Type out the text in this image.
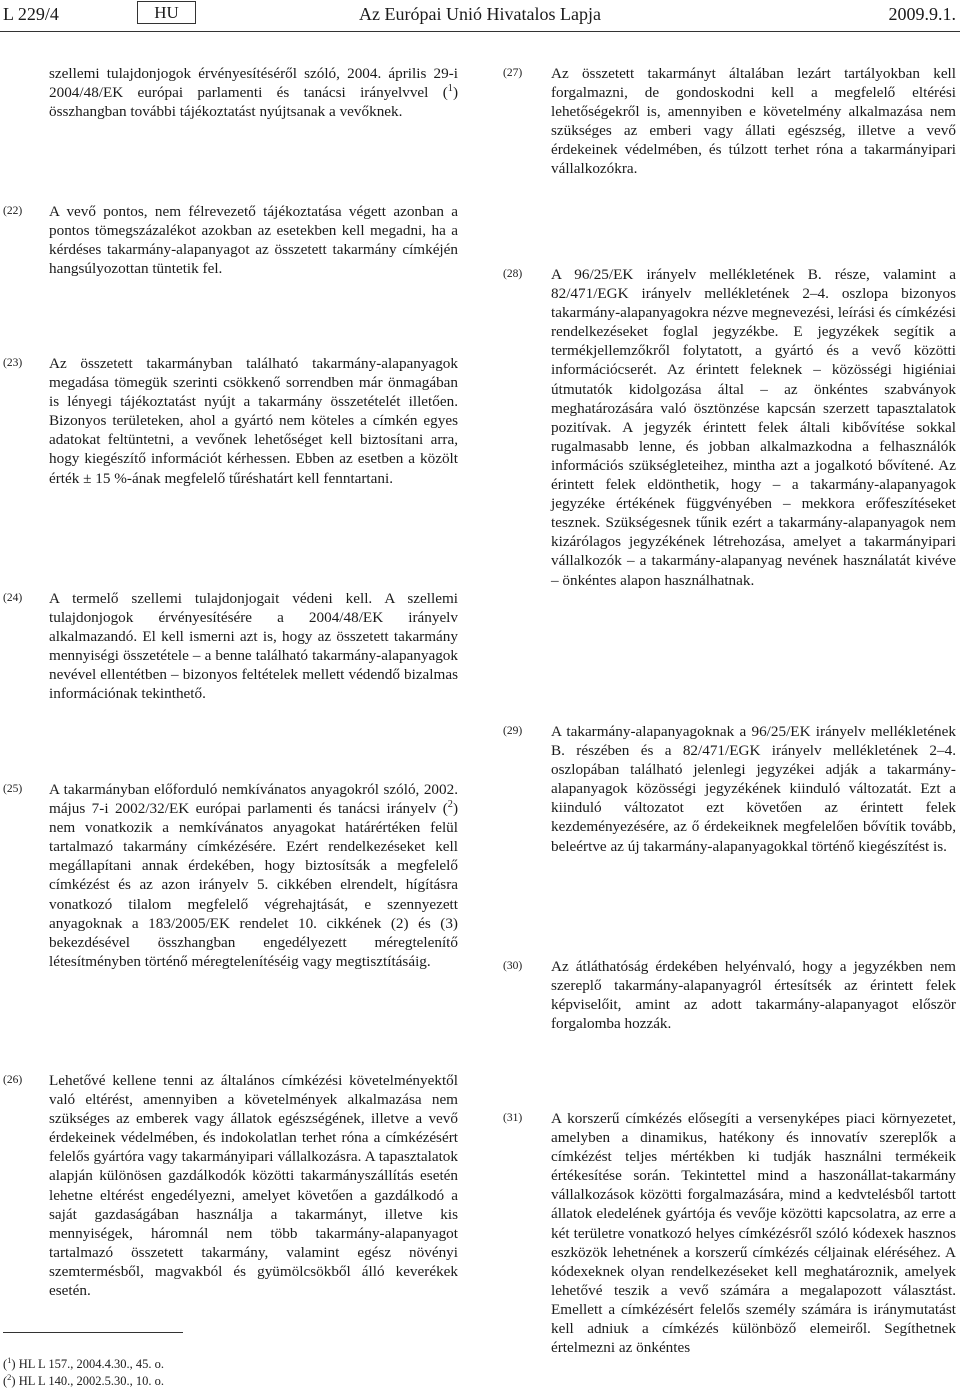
L 229/4	HU	Az Európai Unió Hivatalos Lapja	2009.9.1.
szellemi tulajdonjogok érvényesítéséről szóló, 2004. április 29-i 2004/48/EK európai parlamenti és tanácsi irányelvvel ($^1$) összhangban további tájékoztatást nyújtsanak a vevőknek.
(22) A vevő pontos, nem félrevezető tájékoztatása végett azonban a pontos tömegszázalékot azokban az esetekben kell megadni, ha a kérdéses takarmány-alapanyagot az összetett takarmány címkéjén hangsúlyozottan tüntetik fel.
(23) Az összetett takarmányban található takarmány-alapanyagok megadása tömegük szerinti csökkenő sorrendben már önmagában is lényegi tájékoztatást nyújt a takarmány összetételét illetően. Bizonyos területeken, ahol a gyártó nem köteles a címkén egyes adatokat feltüntetni, a vevőnek lehetőséget kell biztosítani arra, hogy kiegészítő információt kérhessen. Ebben az esetben a közölt érték ± 15 %-ának megfelelő tűréshatárt kell fenntartani.
(24) A termelő szellemi tulajdonjogait védeni kell. A szellemi tulajdonjogok érvényesítésére a 2004/48/EK irányelv alkalmazandó. El kell ismerni azt is, hogy az összetett takarmány mennyiségi összetétele – a benne található takarmány-alapanyagok nevével ellentétben – bizonyos feltételek mellett védendő bizalmas információnak tekinthető.
(25) A takarmányban előforduló nemkívánatos anyagokról szóló, 2002. május 7-i 2002/32/EK európai parlamenti és tanácsi irányelv ($^2$) nem vonatkozik a nemkívánatos anyagokat határértéken felül tartalmazó takarmány címkézésére. Ezért rendelkezéseket kell megállapítani annak érdekében, hogy biztosítsák a megfelelő címkézést és az azon irányelv 5. cikkében elrendelt, hígításra vonatkozó tilalom megfelelő végrehajtását, e szennyezett anyagoknak a 183/2005/EK rendelet 10. cikkének (2) és (3) bekezdésével összhangban engedélyezett méregtelenítő létesítményben történő méregtelenítéséig vagy megtisztításáig.
(26) Lehetővé kellene tenni az általános címkézési követelményektől való eltérést, amennyiben a követelmények alkalmazása nem szükséges az emberek vagy állatok egészségének, illetve a vevő érdekeinek védelmében, és indokolatlan terhet róna a címkézésért felelős gyártóra vagy takarmányipari vállalkozásra. A tapasztalatok alapján különösen gazdálkodók közötti takarmányszállítás esetén lehetne eltérést engedélyezni, amelyet követően a gazdálkodó a saját gazdaságában használja a takarmányt, illetve kis mennyiségek, háromnál nem több takarmány-alapanyagot tartalmazó összetett takarmány, valamint egész növényi szemtermésből, magvakból és gyümölcsökből álló keverékek esetén.
($^1$) HL L 157., 2004.4.30., 45. o.
($^2$) HL L 140., 2002.5.30., 10. o.
(27) Az összetett takarmányt általában lezárt tartályokban kell forgalmazni, de gondoskodni kell a megfelelő eltérési lehetőségekről is, amennyiben e követelmény alkalmazása nem szükséges az emberi vagy állati egészség, illetve a vevő érdekeinek védelmében, és túlzott terhet róna a takarmányipari vállalkozókra.
(28) A 96/25/EK irányelv mellékletének B. része, valamint a 82/471/EGK irányelv mellékletének 2–4. oszlopa bizonyos takarmány-alapanyagokra nézve megnevezési, leírási és címkézési rendelkezéseket foglal jegyzékbe. E jegyzékek segítik a termékjellemzőkről folytatott, a gyártó és a vevő közötti információcserét. Az érintett feleknek – közösségi higiéniai útmutatók kidolgozása által – az önkéntes szabványok meghatározására való ösztönzése kapcsán szerzett tapasztalatok pozitívak. A jegyzék érintett felek általi kibővítése sokkal rugalmasabb lenne, és jobban alkalmazkodna a felhasználók információs szükségleteihez, mintha azt a jogalkotó bővítené. Az érintett felek eldönthetik, hogy – a takarmány-alapanyagok jegyzéke értékének függvényében – mekkora erőfeszítéseket tesznek. Szükségesnek tűnik ezért a takarmány-alapanyagok nem kizárólagos jegyzékének létrehozása, amelyet a takarmányipari vállalkozók – a takarmány-alapanyag nevének használatát kivéve – önkéntes alapon használhatnak.
(29) A takarmány-alapanyagoknak a 96/25/EK irányelv mellékletének B. részében és a 82/471/EGK irányelv mellékletének 2–4. oszlopában található jelenlegi jegyzékei adják a takarmány-alapanyagok közösségi jegyzékének kiinduló változatát. Ezt a kiinduló változatot ezt követően az érintett felek kezdeményezésére, az ő érdekeiknek megfelelően bővítik tovább, beleértve az új takarmány-alapanyagokkal történő kiegészítést is.
(30) Az átláthatóság érdekében helyénvaló, hogy a jegyzékben nem szereplő takarmány-alapanyagról értesítsék az érintett felek képviselőit, amint az adott takarmány-alapanyagot először forgalomba hozzák.
(31) A korszerű címkézés elősegíti a versenyképes piaci környezetet, amelyben a dinamikus, hatékony és innovatív szereplők a címkézést teljes mértékben ki tudják használni termékeik értékesítése során. Tekintettel mind a haszonállat-takarmány vállalkozások közötti forgalmazására, mind a kedvtelésből tartott állatok eledelének gyártója és vevője közötti kapcsolatra, az erre a két területre vonatkozó helyes címkézésről szóló kódexek hasznos eszközök lehetnének a korszerű címkézés céljainak eléréséhez. A kódexeknek olyan rendelkezéseket kell meghatároznik, amelyek lehetővé teszik a vevő számára a megalapozott választást. Emellett a címkézésért felelős személy számára is iránymutatást kell adniuk a címkézés különböző elemeiről. Segíthetnek értelmezni az önkéntes
